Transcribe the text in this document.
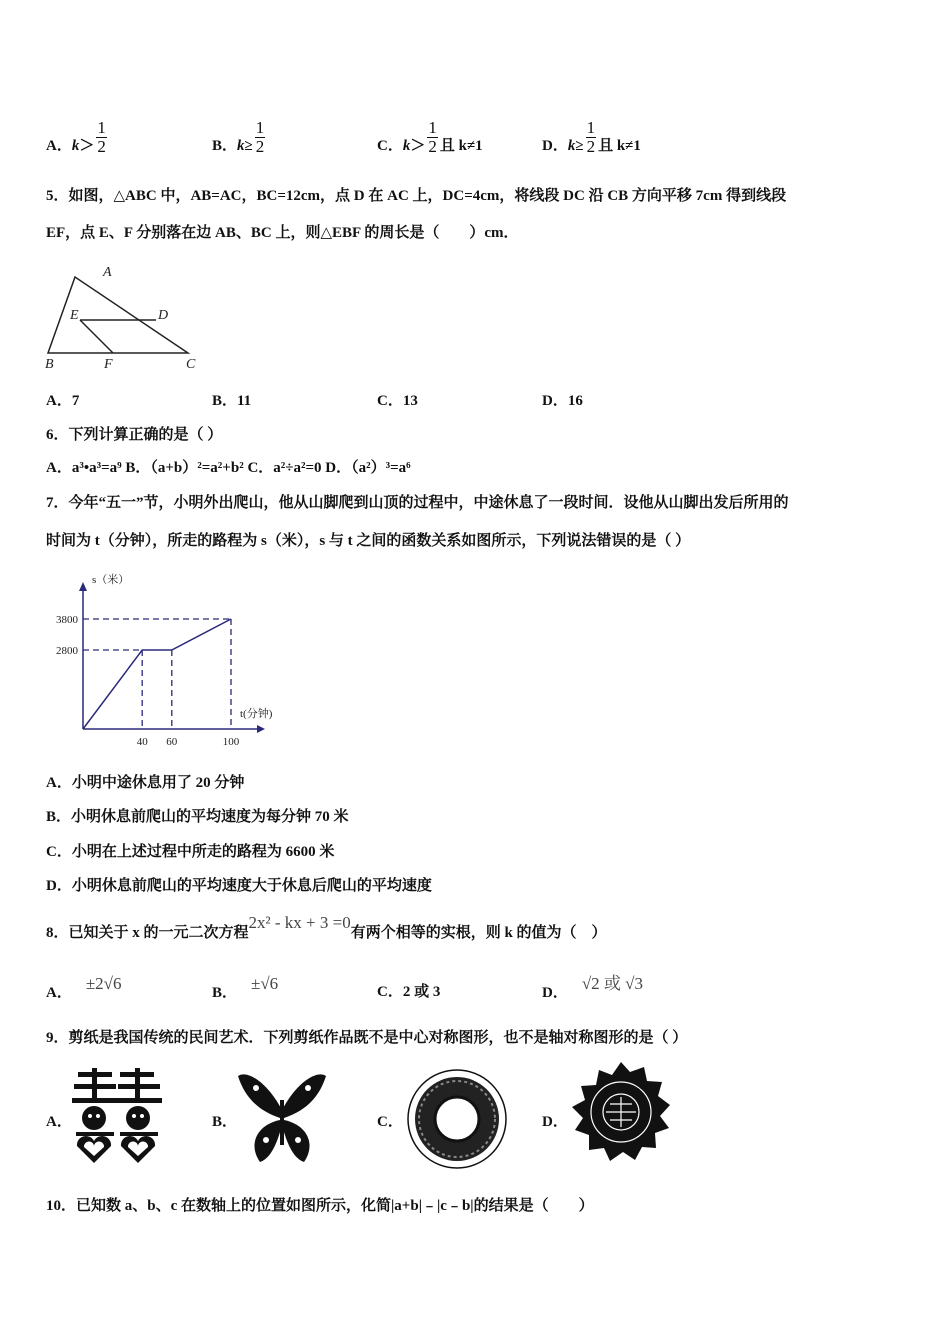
A．$k> \frac{1}{2}$	B．$k\ge \frac{1}{2}$	C．$k> \frac{1}{2}$ 且 k≠1	D．$k\ge \frac{1}{2}$ 且 k≠1
5．如图，△ABC 中，AB=AC，BC=12cm，点 D 在 AC 上，DC=4cm，将线段 DC 沿 CB 方向平移 7cm 得到线段
EF，点 E、F 分别落在边 AB、BC 上，则△EBF 的周长是（　　）cm．
A
E	D
B	F	C
A．7	B．11	C．13	D．16
6．下列计算正确的是（ ）
A．a³•a³=a⁹ B．（a+b）²=a²+b² C．a²÷a²=0 D．（a²）³=a⁶
7．今年“五一”节，小明外出爬山，他从山脚爬到山顶的过程中，中途休息了一段时间．设他从山脚出发后所用的
时间为 t（分钟），所走的路程为 s（米），s 与 t 之间的函数关系如图所示，下列说法错误的是（ ）
40 60	100
2800
3800
s（米）
t(分钟)
A．小明中途休息用了 20 分钟
B．小明休息前爬山的平均速度为每分钟 70 米
C．小明在上述过程中所走的路程为 6600 米
D．小明休息前爬山的平均速度大于休息后爬山的平均速度
8．已知关于 x 的一元二次方程2x² - kx + 3 =0有两个相等的实根，则 k 的值为（　）
A． ±2√6	B． ±√6	C．2 或 3	D． √2 或 √3
9．剪纸是我国传统的民间艺术．下列剪纸作品既不是中心对称图形，也不是轴对称图形的是（ ）
A．	B．	C．	D．
10．已知数 a、b、c 在数轴上的位置如图所示，化简|a+b|﹣|c﹣b|的结果是（　　）
